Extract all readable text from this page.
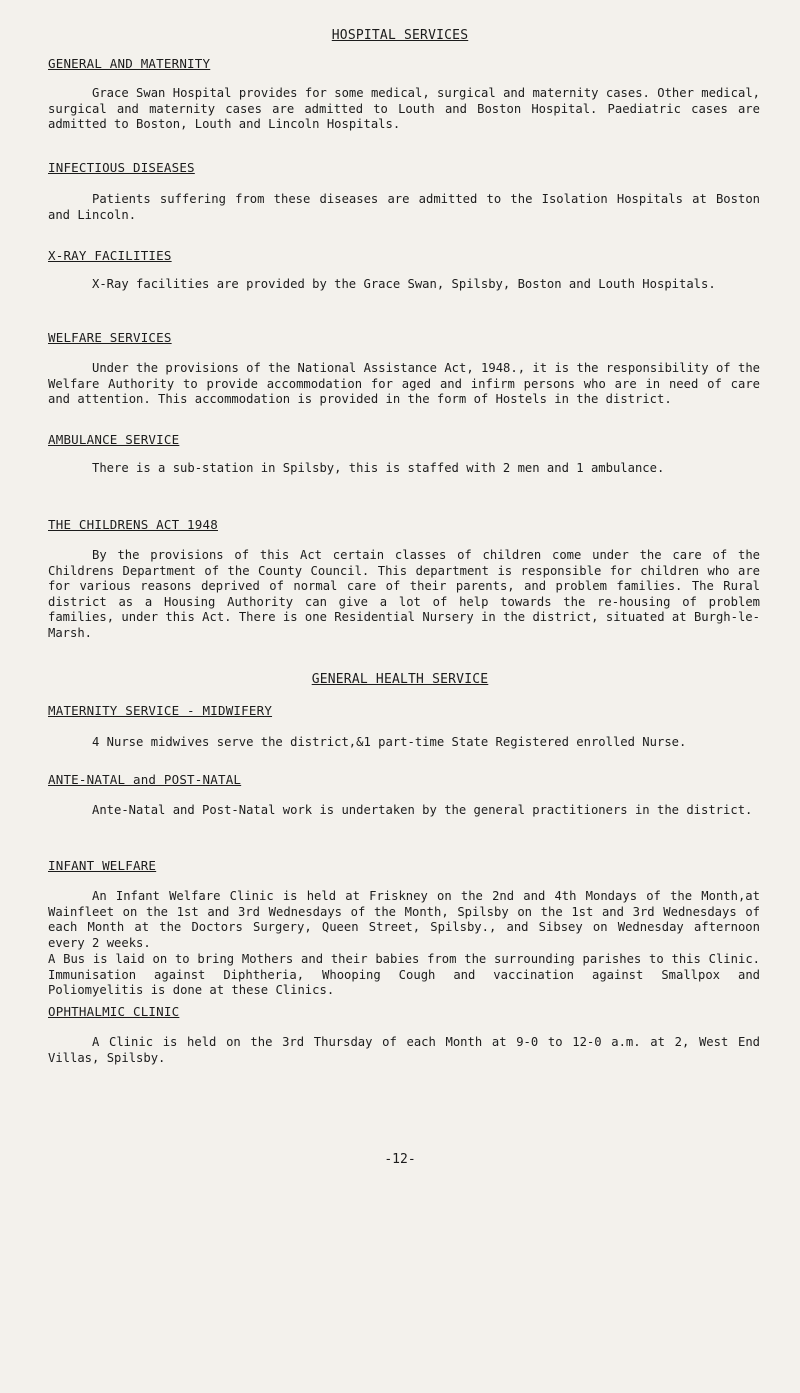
HOSPITAL SERVICES
GENERAL AND MATERNITY
Grace Swan Hospital provides for some medical, surgical and maternity cases. Other medical, surgical and maternity cases are admitted to Louth and Boston Hospital. Paediatric cases are admitted to Boston, Louth and Lincoln Hospitals.
INFECTIOUS DISEASES
Patients suffering from these diseases are admitted to the Isolation Hospitals at Boston and Lincoln.
X-RAY FACILITIES
X-Ray facilities are provided by the Grace Swan, Spilsby, Boston and Louth Hospitals.
WELFARE SERVICES
Under the provisions of the National Assistance Act, 1948., it is the responsibility of the Welfare Authority to provide accommodation for aged and infirm persons who are in need of care and attention. This accommodation is provided in the form of Hostels in the district.
AMBULANCE SERVICE
There is a sub-station in Spilsby, this is staffed with 2 men and 1 ambulance.
THE CHILDRENS ACT 1948
By the provisions of this Act certain classes of children come under the care of the Childrens Department of the County Council. This department is responsible for children who are for various reasons deprived of normal care of their parents, and problem families. The Rural district as a Housing Authority can give a lot of help towards the re-housing of problem families, under this Act. There is one Residential Nursery in the district, situated at Burgh-le-Marsh.
GENERAL HEALTH SERVICE
MATERNITY SERVICE - MIDWIFERY
4 Nurse midwives serve the district,&1 part-time State Registered enrolled Nurse.
ANTE-NATAL and POST-NATAL
Ante-Natal and Post-Natal work is undertaken by the general practitioners in the district.
INFANT WELFARE
An Infant Welfare Clinic is held at Friskney on the 2nd and 4th Mondays of the Month,at Wainfleet on the 1st and 3rd Wednesdays of the Month, Spilsby on the 1st and 3rd Wednesdays of each Month at the Doctors Surgery, Queen Street, Spilsby., and Sibsey on Wednesday afternoon every 2 weeks.
A Bus is laid on to bring Mothers and their babies from the surrounding parishes to this Clinic. Immunisation against Diphtheria, Whooping Cough and vaccination against Smallpox and Poliomyelitis is done at these Clinics.
OPHTHALMIC CLINIC
A Clinic is held on the 3rd Thursday of each Month at 9-0 to 12-0 a.m. at 2, West End Villas, Spilsby.
-12-
